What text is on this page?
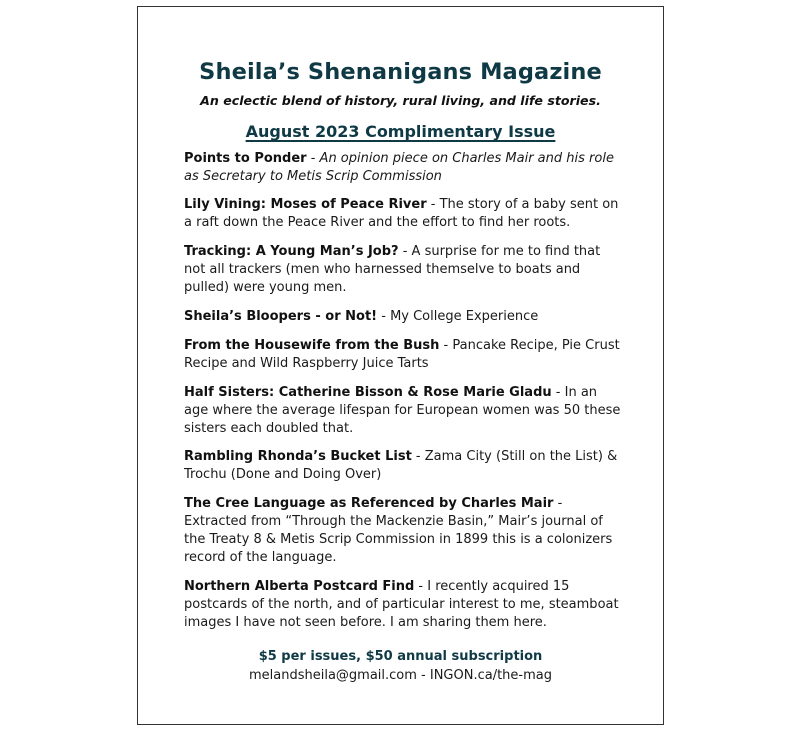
Sheila’s Shenanigans Magazine
An eclectic blend of history, rural living, and life stories.
August 2023 Complimentary Issue
Points to Ponder - An opinion piece on Charles Mair and his role as Secretary to Metis Scrip Commission
Lily Vining: Moses of Peace River - The story of a baby sent on a raft down the Peace River and the effort to find her roots.
Tracking: A Young Man’s Job? - A surprise for me to find that not all trackers (men who harnessed themselve to boats and pulled) were young men.
Sheila’s Bloopers - or Not! - My College Experience
From the Housewife from the Bush - Pancake Recipe, Pie Crust Recipe and Wild Raspberry Juice Tarts
Half Sisters: Catherine Bisson & Rose Marie Gladu - In an age where the average lifespan for European women was 50 these sisters each doubled that.
Rambling Rhonda’s Bucket List - Zama City (Still on the List) & Trochu (Done and Doing Over)
The Cree Language as Referenced by Charles Mair - Extracted from “Through the Mackenzie Basin,” Mair’s journal of the Treaty 8 & Metis Scrip Commission in 1899 this is a colonizers record of the language.
Northern Alberta Postcard Find - I recently acquired 15 postcards of the north, and of particular interest to me, steamboat images I have not seen before. I am sharing them here.
$5 per issues, $50 annual subscription
melandsheila@gmail.com - INGON.ca/the-mag
